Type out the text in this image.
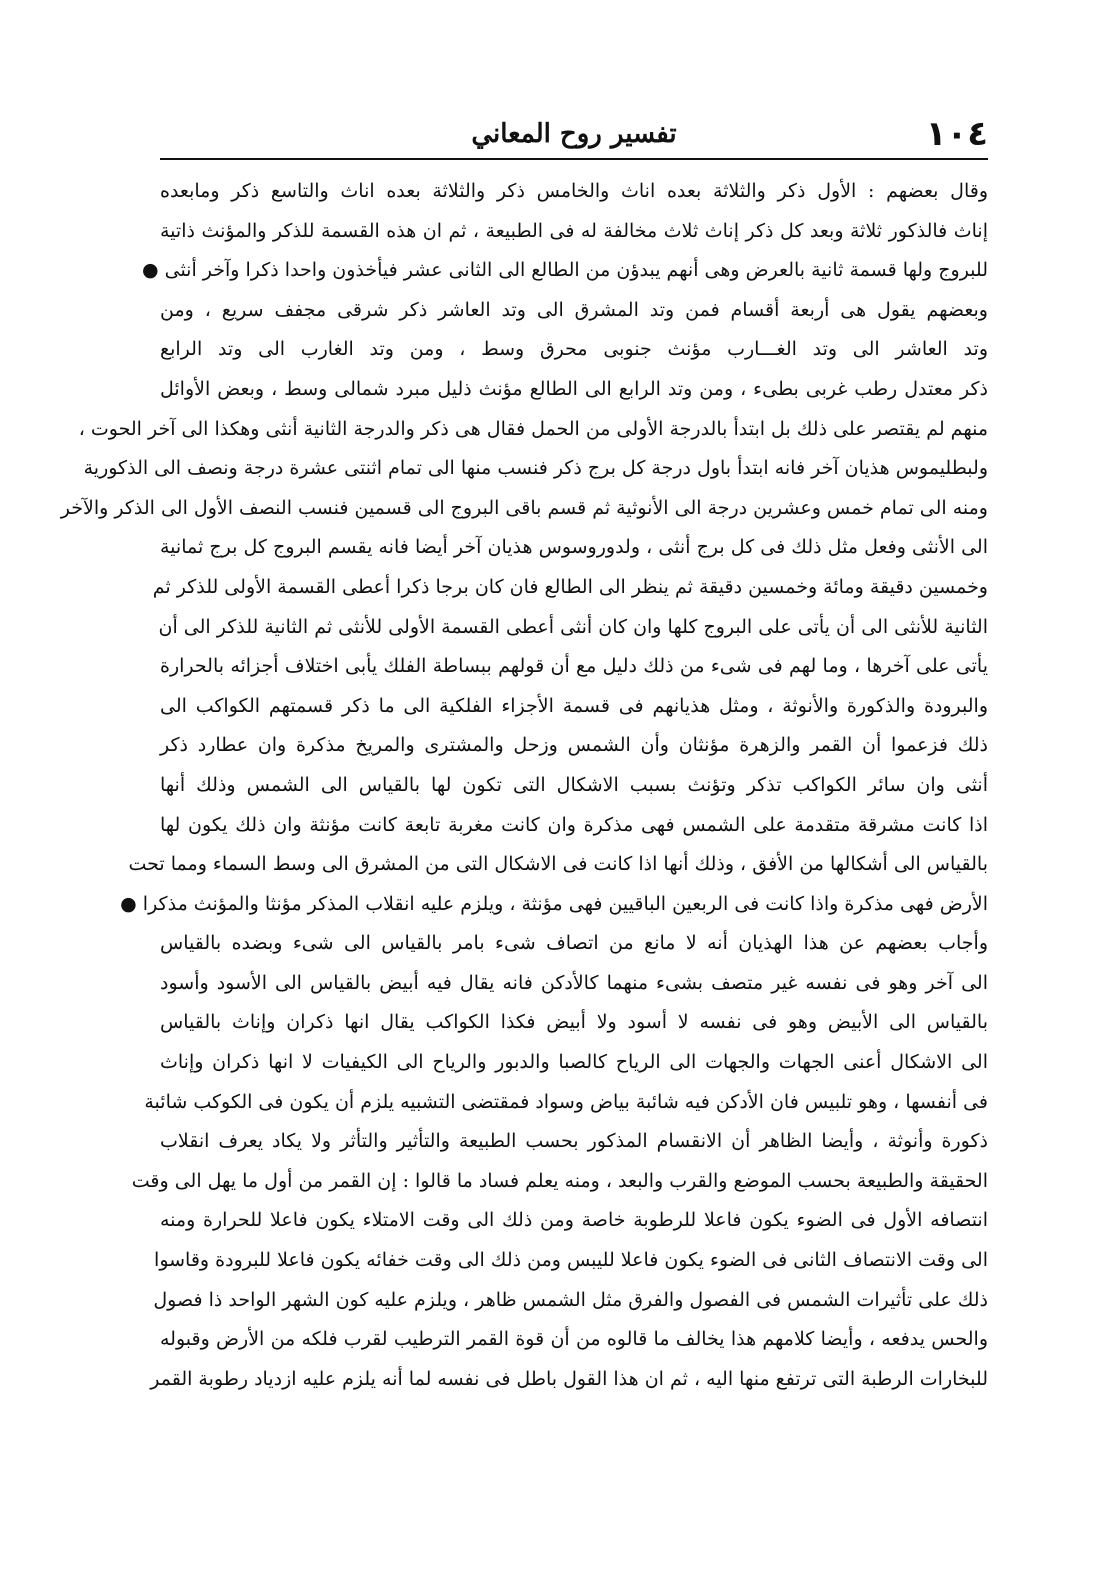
١٠٤
تفسير روح المعاني
وقال بعضهم : الأول ذكر والثلاثة بعده اناث والخامس ذكر والثلاثة بعده اناث والتاسع ذكر ومابعده
إناث فالذكور ثلاثة وبعد كل ذكر إناث ثلاث مخالفة له فى الطبيعة ، ثم ان هذه القسمة للذكر والمؤنث ذاتية
للبروج ولها قسمة ثانية بالعرض وهى أنهم يبدؤن من الطالع الى الثانى عشر فيأخذون واحدا ذكرا وآخر أنثى ●
وبعضهم يقول هى أربعة أقسام فمن وتد المشرق الى وتد العاشر ذكر شرقى مجفف سريع ، ومن
وتد العاشر الى وتد الغـــارب مؤنث جنوبى محرق وسط ، ومن وتد الغارب الى وتد الرابع
ذكر معتدل رطب غربى بطىء ، ومن وتد الرابع الى الطالع مؤنث ذليل مبرد شمالى وسط ، وبعض الأوائل
منهم لم يقتصر على ذلك بل ابتدأ بالدرجة الأولى من الحمل فقال هى ذكر والدرجة الثانية أنثى وهكذا الى آخر الحوت ،
ولبطليموس هذيان آخر فانه ابتدأ باول درجة كل برج ذكر فنسب منها الى تمام اثنتى عشرة درجة ونصف الى الذكورية
ومنه الى تمام خمس وعشرين درجة الى الأنوثية ثم قسم باقى البروج الى قسمين فنسب النصف الأول الى الذكر والآخر
الى الأنثى وفعل مثل ذلك فى كل برج أنثى ، ولدوروسوس هذيان آخر أيضا فانه يقسم البروج كل برج ثمانية
وخمسين دقيقة ومائة وخمسين دقيقة ثم ينظر الى الطالع فان كان برجا ذكرا أعطى القسمة الأولى للذكر ثم
الثانية للأنثى الى أن يأتى على البروج كلها وان كان أنثى أعطى القسمة الأولى للأنثى ثم الثانية للذكر الى أن
يأتى على آخرها ، وما لهم فى شىء من ذلك دليل مع أن قولهم ببساطة الفلك يأبى اختلاف أجزائه بالحرارة
والبرودة والذكورة والأنوثة ، ومثل هذيانهم فى قسمة الأجزاء الفلكية الى ما ذكر قسمتهم الكواكب الى
ذلك فزعموا أن القمر والزهرة مؤنثان وأن الشمس وزحل والمشترى والمريخ مذكرة وان عطارد ذكر
أنثى وان سائر الكواكب تذكر وتؤنث بسبب الاشكال التى تكون لها بالقياس الى الشمس وذلك أنها
اذا كانت مشرقة متقدمة على الشمس فهى مذكرة وان كانت مغربة تابعة كانت مؤنثة وان ذلك يكون لها
بالقياس الى أشكالها من الأفق ، وذلك أنها اذا كانت فى الاشكال التى من المشرق الى وسط السماء ومما تحت
الأرض فهى مذكرة واذا كانت فى الربعين الباقيين فهى مؤنثة ، ويلزم عليه انقلاب المذكر مؤنثا والمؤنث مذكرا ●
وأجاب بعضهم عن هذا الهذيان أنه لا مانع من اتصاف شىء بامر بالقياس الى شىء وبضده بالقياس
الى آخر وهو فى نفسه غير متصف بشىء منهما كالأدكن فانه يقال فيه أبيض بالقياس الى الأسود وأسود
بالقياس الى الأبيض وهو فى نفسه لا أسود ولا أبيض فكذا الكواكب يقال انها ذكران وإناث بالقياس
الى الاشكال أعنى الجهات والجهات الى الرياح كالصبا والدبور والرياح الى الكيفيات لا انها ذكران وإناث
فى أنفسها ، وهو تلبيس فان الأدكن فيه شائبة بياض وسواد فمقتضى التشبيه يلزم أن يكون فى الكوكب شائبة
ذكورة وأنوثة ، وأيضا الظاهر أن الانقسام المذكور بحسب الطبيعة والتأثير والتأثر ولا يكاد يعرف انقلاب
الحقيقة والطبيعة بحسب الموضع والقرب والبعد ، ومنه يعلم فساد ما قالوا : إن القمر من أول ما يهل الى وقت
انتصافه الأول فى الضوء يكون فاعلا للرطوبة خاصة ومن ذلك الى وقت الامتلاء يكون فاعلا للحرارة ومنه
الى وقت الانتصاف الثانى فى الضوء يكون فاعلا لليبس ومن ذلك الى وقت خفائه يكون فاعلا للبرودة وقاسوا
ذلك على تأثيرات الشمس فى الفصول والفرق مثل الشمس ظاهر ، ويلزم عليه كون الشهر الواحد ذا فصول
والحس يدفعه ، وأيضا كلامهم هذا يخالف ما قالوه من أن قوة القمر الترطيب لقرب فلكه من الأرض وقبوله
للبخارات الرطبة التى ترتفع منها اليه ، ثم ان هذا القول باطل فى نفسه لما أنه يلزم عليه ازدياد رطوبة القمر
